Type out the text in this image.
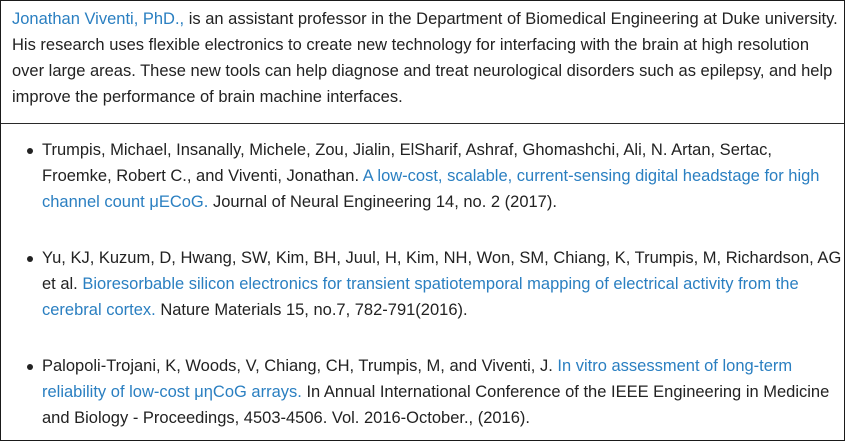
Jonathan Viventi, PhD., is an assistant professor in the Department of Biomedical Engineering at Duke university. His research uses flexible electronics to create new technology for interfacing with the brain at high resolution over large areas. These new tools can help diagnose and treat neurological disorders such as epilepsy, and help improve the performance of brain machine interfaces.

Trumpis, Michael, Insanally, Michele, Zou, Jialin, ElSharif, Ashraf, Ghomashchi, Ali, N. Artan, Sertac, Froemke, Robert C., and Viventi, Jonathan. A low-cost, scalable, current-sensing digital headstage for high channel count μECoG. Journal of Neural Engineering 14, no. 2 (2017).
Yu, KJ, Kuzum, D, Hwang, SW, Kim, BH, Juul, H, Kim, NH, Won, SM, Chiang, K, Trumpis, M, Richardson, AG et al. Bioresorbable silicon electronics for transient spatiotemporal mapping of electrical activity from the cerebral cortex. Nature Materials 15, no.7, 782-791(2016).
Palopoli-Trojani, K, Woods, V, Chiang, CH, Trumpis, M, and Viventi, J. In vitro assessment of long-term reliability of low-cost μηCoG arrays. In Annual International Conference of the IEEE Engineering in Medicine and Biology - Proceedings, 4503-4506. Vol. 2016-October., (2016).
